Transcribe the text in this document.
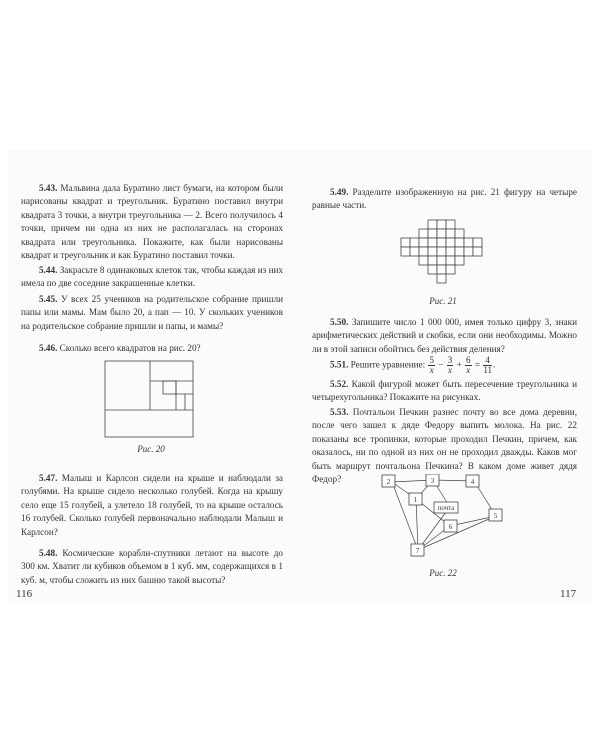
5.43. Мальвина дала Буратино лист бумаги, на котором были нарисованы квадрат и треугольник. Буратино поставил внутри квадрата 3 точки, а внутри треугольника — 2. Всего получилось 4 точки, причем ни одна из них не располагалась на сторонах квадрата или треугольника. Покажите, как были нарисованы квадрат и треугольник и как Буратино поставил точки.

5.44. Закрасьте 8 одинаковых клеток так, чтобы каждая из них имела по две соседние закрашенные клетки.

5.45. У всех 25 учеников на родительское собрание пришли папы или мамы. Мам было 20, а пап — 10. У скольких учеников на родительское собрание пришли и папы, и мамы?

5.46. Сколько всего квадратов на рис. 20?

Рис. 20

5.47. Малыш и Карлсон сидели на крыше и наблюдали за голубями. На крыше сидело несколько голубей. Когда на крышу село еще 15 голубей, а улетело 18 голубей, то на крыше осталось 16 голубей. Сколько голубей первоначально наблюдали Малыш и Карлсон?

5.48. Космические корабли-спутники летают на высоте до 300 км. Хватит ли кубиков объемом в 1 куб. мм, содержащихся в 1 куб. м, чтобы сложить из них башню такой высоты?

116

5.49. Разделите изображенную на рис. 21 фигуру на четыре равные части.

Рис. 21

5.50. Запишите число 1 000 000, имея только цифру 3, знаки арифметических действий и скобки, если они необходимы. Можно ли в этой записи обойтись без действия деления?

5.51. Решите уравнение: $\frac{5}{x} - \frac{3}{x} + \frac{6}{x} = \frac{4}{11}$ .

5.52. Какой фигурой может быть пересечение треугольника и четырехугольника? Покажите на рисунках.

5.53. Почтальон Печкин разнес почту во все дома деревни, после чего зашел к дяде Федору выпить молока. На рис. 22 показаны все тропинки, которые проходил Печкин, причем, как оказалось, ни по одной из них он не проходил дважды. Каков мог быть маршрут почтальона Печкина? В каком доме живет дядя Федор?	2	3	4
1
почта
6
5
7
Рис. 22
117
